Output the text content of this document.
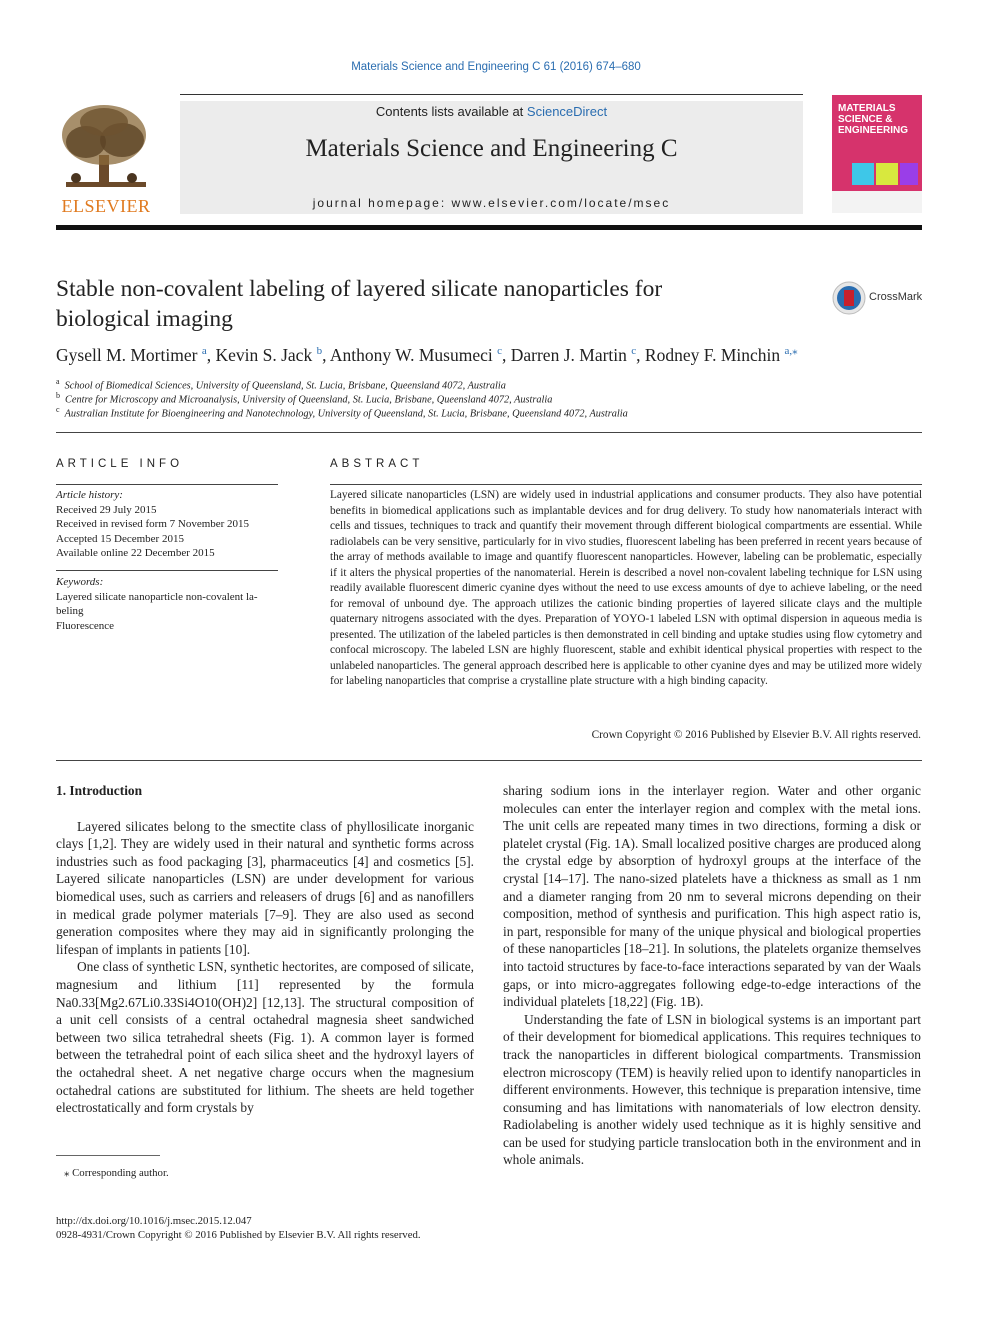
Materials Science and Engineering C 61 (2016) 674–680
ELSEVIER
Contents lists available at ScienceDirect
Materials Science and Engineering C
journal homepage: www.elsevier.com/locate/msec
MATERIALS
SCIENCE &
ENGINEERING
Stable non-covalent labeling of layered silicate nanoparticles for
biological imaging
CrossMark
Gysell M. Mortimer $^a$, Kevin S. Jack $^b$, Anthony W. Musumeci $^c$, Darren J. Martin $^c$, Rodney F. Minchin $^{a,⁎}$
$^a$ School of Biomedical Sciences, University of Queensland, St. Lucia, Brisbane, Queensland 4072, Australia
$^b$ Centre for Microscopy and Microanalysis, University of Queensland, St. Lucia, Brisbane, Queensland 4072, Australia
$^c$ Australian Institute for Bioengineering and Nanotechnology, University of Queensland, St. Lucia, Brisbane, Queensland 4072, Australia
ARTICLE INFO
Article history:
Received 29 July 2015
Received in revised form 7 November 2015
Accepted 15 December 2015
Available online 22 December 2015
Keywords:
Layered silicate nanoparticle non-covalent la-
beling
Fluorescence
ABSTRACT
Layered silicate nanoparticles (LSN) are widely used in industrial applications and consumer products. They also have potential benefits in biomedical applications such as implantable devices and for drug delivery. To study how nanomaterials interact with cells and tissues, techniques to track and quantify their movement through different biological compartments are essential. While radiolabels can be very sensitive, particularly for in vivo studies, fluorescent labeling has been preferred in recent years because of the array of methods available to image and quantify fluorescent nanoparticles. However, labeling can be problematic, especially if it alters the physical properties of the nanomaterial. Herein is described a novel non-covalent labeling technique for LSN using readily available fluorescent dimeric cyanine dyes without the need to use excess amounts of dye to achieve labeling, or the need for removal of unbound dye. The approach utilizes the cationic binding properties of layered silicate clays and the multiple quaternary nitrogens associated with the dyes. Preparation of YOYO-1 labeled LSN with optimal dispersion in aqueous media is presented. The utilization of the labeled particles is then demonstrated in cell binding and uptake studies using flow cytometry and confocal microscopy. The labeled LSN are highly fluorescent, stable and exhibit identical physical properties with respect to the unlabeled nanoparticles. The general approach described here is applicable to other cyanine dyes and may be utilized more widely for labeling nanoparticles that comprise a crystalline plate structure with a high binding capacity.
Crown Copyright © 2016 Published by Elsevier B.V. All rights reserved.

1. Introduction

Layered silicates belong to the smectite class of phyllosilicate inorganic clays [1,2]. They are widely used in their natural and synthetic forms across industries such as food packaging [3], pharmaceutics [4] and cosmetics [5]. Layered silicate nanoparticles (LSN) are under development for various biomedical uses, such as carriers and releasers of drugs [6] and as nanofillers in medical grade polymer materials [7–9]. They are also used as second generation composites where they may aid in significantly prolonging the lifespan of implants in patients [10].

One class of synthetic LSN, synthetic hectorites, are composed of silicate, magnesium and lithium [11] represented by the formula Na0.33[Mg2.67Li0.33Si4O10(OH)2] [12,13]. The structural composition of a unit cell consists of a central octahedral magnesia sheet sandwiched between two silica tetrahedral sheets (Fig. 1). A common layer is formed between the tetrahedral point of each silica sheet and the hydroxyl layers of the octahedral sheet. A net negative charge occurs when the magnesium octahedral cations are substituted for lithium. The sheets are held together electrostatically and form crystals by

sharing sodium ions in the interlayer region. Water and other organic molecules can enter the interlayer region and complex with the metal ions. The unit cells are repeated many times in two directions, forming a disk or platelet crystal (Fig. 1A). Small localized positive charges are produced along the crystal edge by absorption of hydroxyl groups at the interface of the crystal [14–17]. The nano-sized platelets have a thickness as small as 1 nm and a diameter ranging from 20 nm to several microns depending on their composition, method of synthesis and purification. This high aspect ratio is, in part, responsible for many of the unique physical and biological properties of these nanoparticles [18–21]. In solutions, the platelets organize themselves into tactoid structures by face-to-face interactions separated by van der Waals gaps, or into micro-aggregates following edge-to-edge interactions of the individual platelets [18,22] (Fig. 1B).

Understanding the fate of LSN in biological systems is an important part of their development for biomedical applications. This requires techniques to track the nanoparticles in different biological compartments. Transmission electron microscopy (TEM) is heavily relied upon to identify nanoparticles in different environments. However, this technique is preparation intensive, time consuming and has limitations with nanomaterials of low electron density. Radiolabeling is another widely used technique as it is highly sensitive and can be used for studying particle translocation both in the environment and in whole animals.

⁎ Corresponding author.
http://dx.doi.org/10.1016/j.msec.2015.12.047
0928-4931/Crown Copyright © 2016 Published by Elsevier B.V. All rights reserved.
